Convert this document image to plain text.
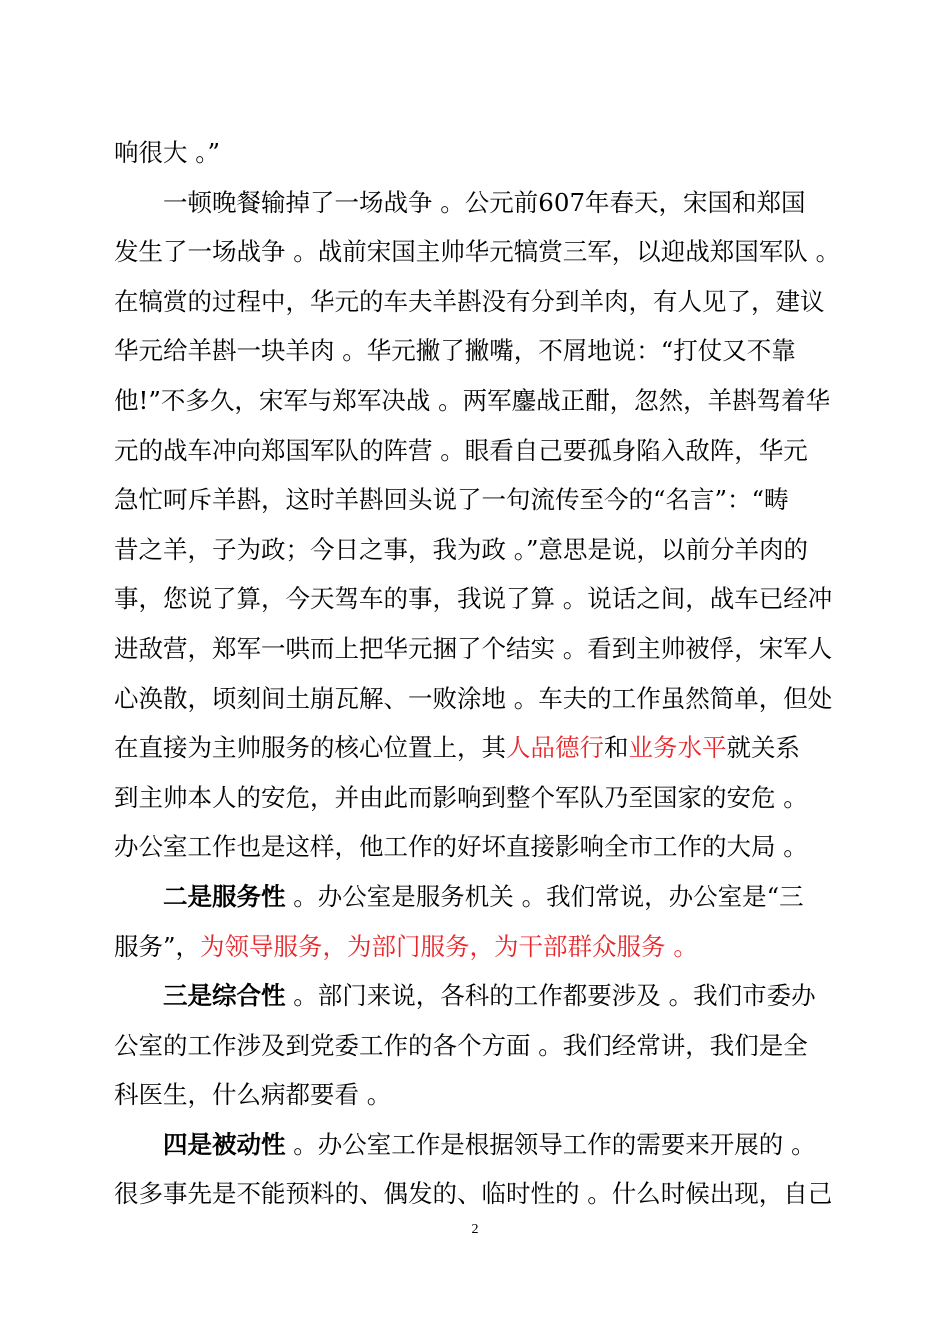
响很大 。”
一顿晚餐输掉了一场战争 。公元前607年春天，宋国和郑国
发生了一场战争 。战前宋国主帅华元犒赏三军，以迎战郑国军队 。
在犒赏的过程中，华元的车夫羊斟没有分到羊肉，有人见了，建议
华元给羊斟一块羊肉 。华元撇了撇嘴，不屑地说：“打仗又不靠
他!”不多久，宋军与郑军决战 。两军鏖战正酣，忽然，羊斟驾着华
元的战车冲向郑国军队的阵营 。眼看自己要孤身陷入敌阵，华元
急忙呵斥羊斟，这时羊斟回头说了一句流传至今的“名言”：“畴
昔之羊，子为政；今日之事，我为政 。”意思是说，以前分羊肉的
事，您说了算，今天驾车的事，我说了算 。说话之间，战车已经冲
进敌营，郑军一哄而上把华元捆了个结实 。看到主帅被俘，宋军人
心涣散，顷刻间土崩瓦解、一败涂地 。车夫的工作虽然简单，但处
在直接为主帅服务的核心位置上，其人品德行和业务水平就关系
到主帅本人的安危，并由此而影响到整个军队乃至国家的安危 。
办公室工作也是这样，他工作的好坏直接影响全市工作的大局 。
二是服务性 。办公室是服务机关 。我们常说，办公室是“三
服务”，为领导服务，为部门服务，为干部群众服务 。
三是综合性 。部门来说，各科的工作都要涉及 。我们市委办
公室的工作涉及到党委工作的各个方面 。我们经常讲，我们是全
科医生，什么病都要看 。
四是被动性 。办公室工作是根据领导工作的需要来开展的 。
很多事先是不能预料的、偶发的、临时性的 。什么时候出现，自己
2
